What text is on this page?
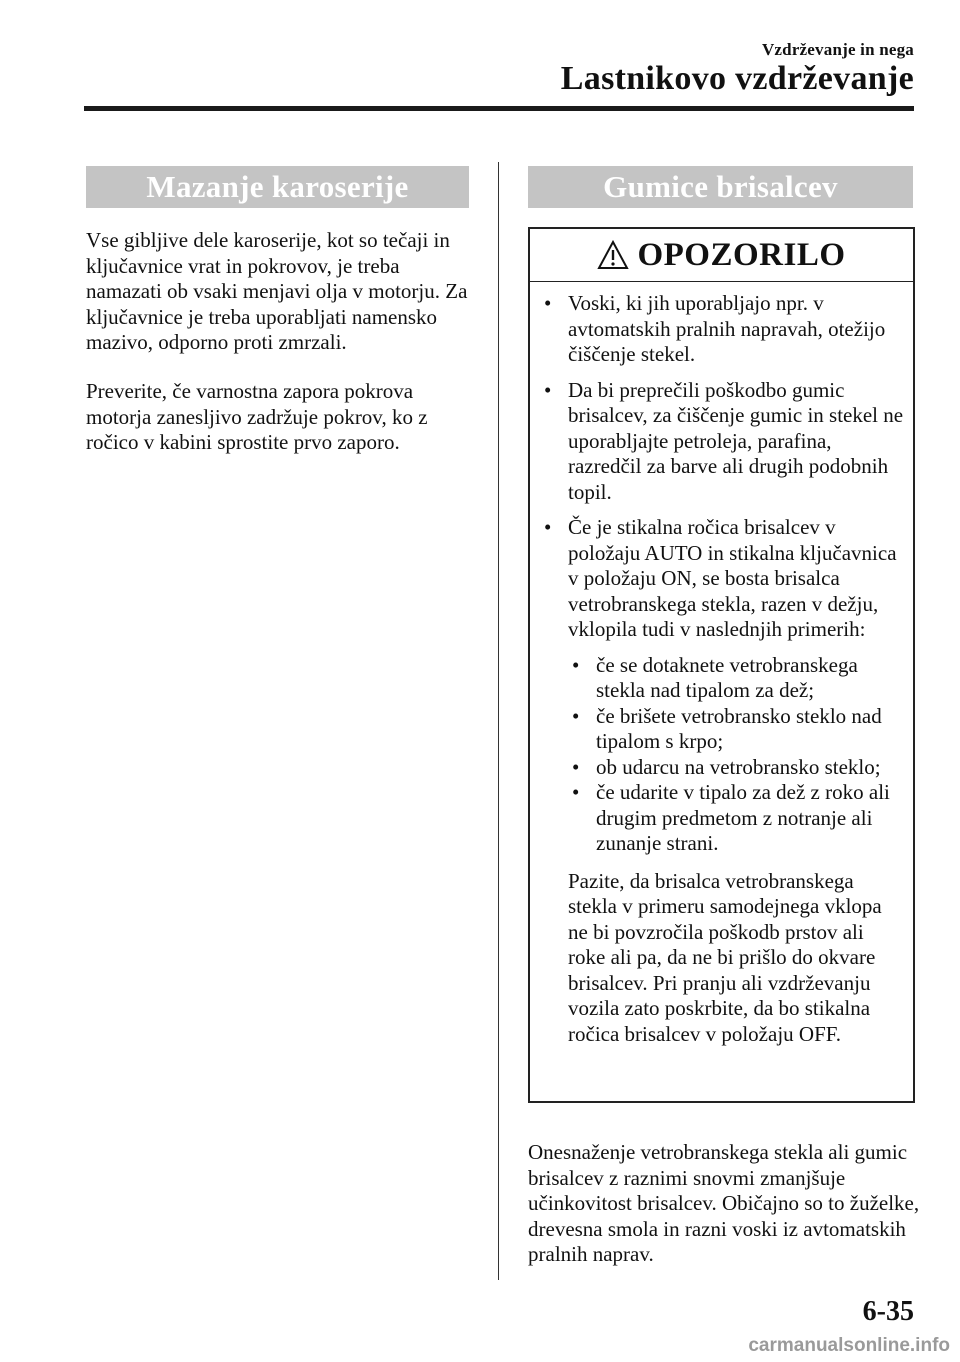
Vzdrževanje in nega
Lastnikovo vzdrževanje
Mazanje karoserije

Vse gibljive dele karoserije, kot so tečaji in ključavnice vrat in pokrovov, je treba namazati ob vsaki menjavi olja v motorju. Za ključavnice je treba uporabljati namensko mazivo, odporno proti zmrzali.

Preverite, če varnostna zapora pokrova motorja zanesljivo zadržuje pokrov, ko z ročico v kabini sprostite prvo zaporo.

Gumice brisalcev
OPOZORILO

• Voski, ki jih uporabljajo npr. v avtomatskih pralnih napravah, otežijo čiščenje stekel.

• Da bi preprečili poškodbo gumic brisalcev, za čiščenje gumic in stekel ne uporabljajte petroleja, parafina, razredčil za barve ali drugih podobnih topil.

• Če je stikalna ročica brisalcev v položaju AUTO in stikalna ključavnica v položaju ON, se bosta brisalca vetrobranskega stekla, razen v dežju, vklopila tudi v naslednjih primerih:

• če se dotaknete vetrobranskega stekla nad tipalom za dež;

• če brišete vetrobransko steklo nad tipalom s krpo;

• ob udarcu na vetrobransko steklo;

• če udarite v tipalo za dež z roko ali drugim predmetom z notranje ali zunanje strani.

Pazite, da brisalca vetrobranskega stekla v primeru samodejnega vklopa ne bi povzročila poškodb prstov ali roke ali pa, da ne bi prišlo do okvare brisalcev. Pri pranju ali vzdrževanju vozila zato poskrbite, da bo stikalna ročica brisalcev v položaju OFF.

Onesnaženje vetrobranskega stekla ali gumic brisalcev z raznimi snovmi zmanjšuje učinkovitost brisalcev. Običajno so to žuželke, drevesna smola in razni voski iz avtomatskih pralnih naprav.

6-35
carmanualsonline.info
